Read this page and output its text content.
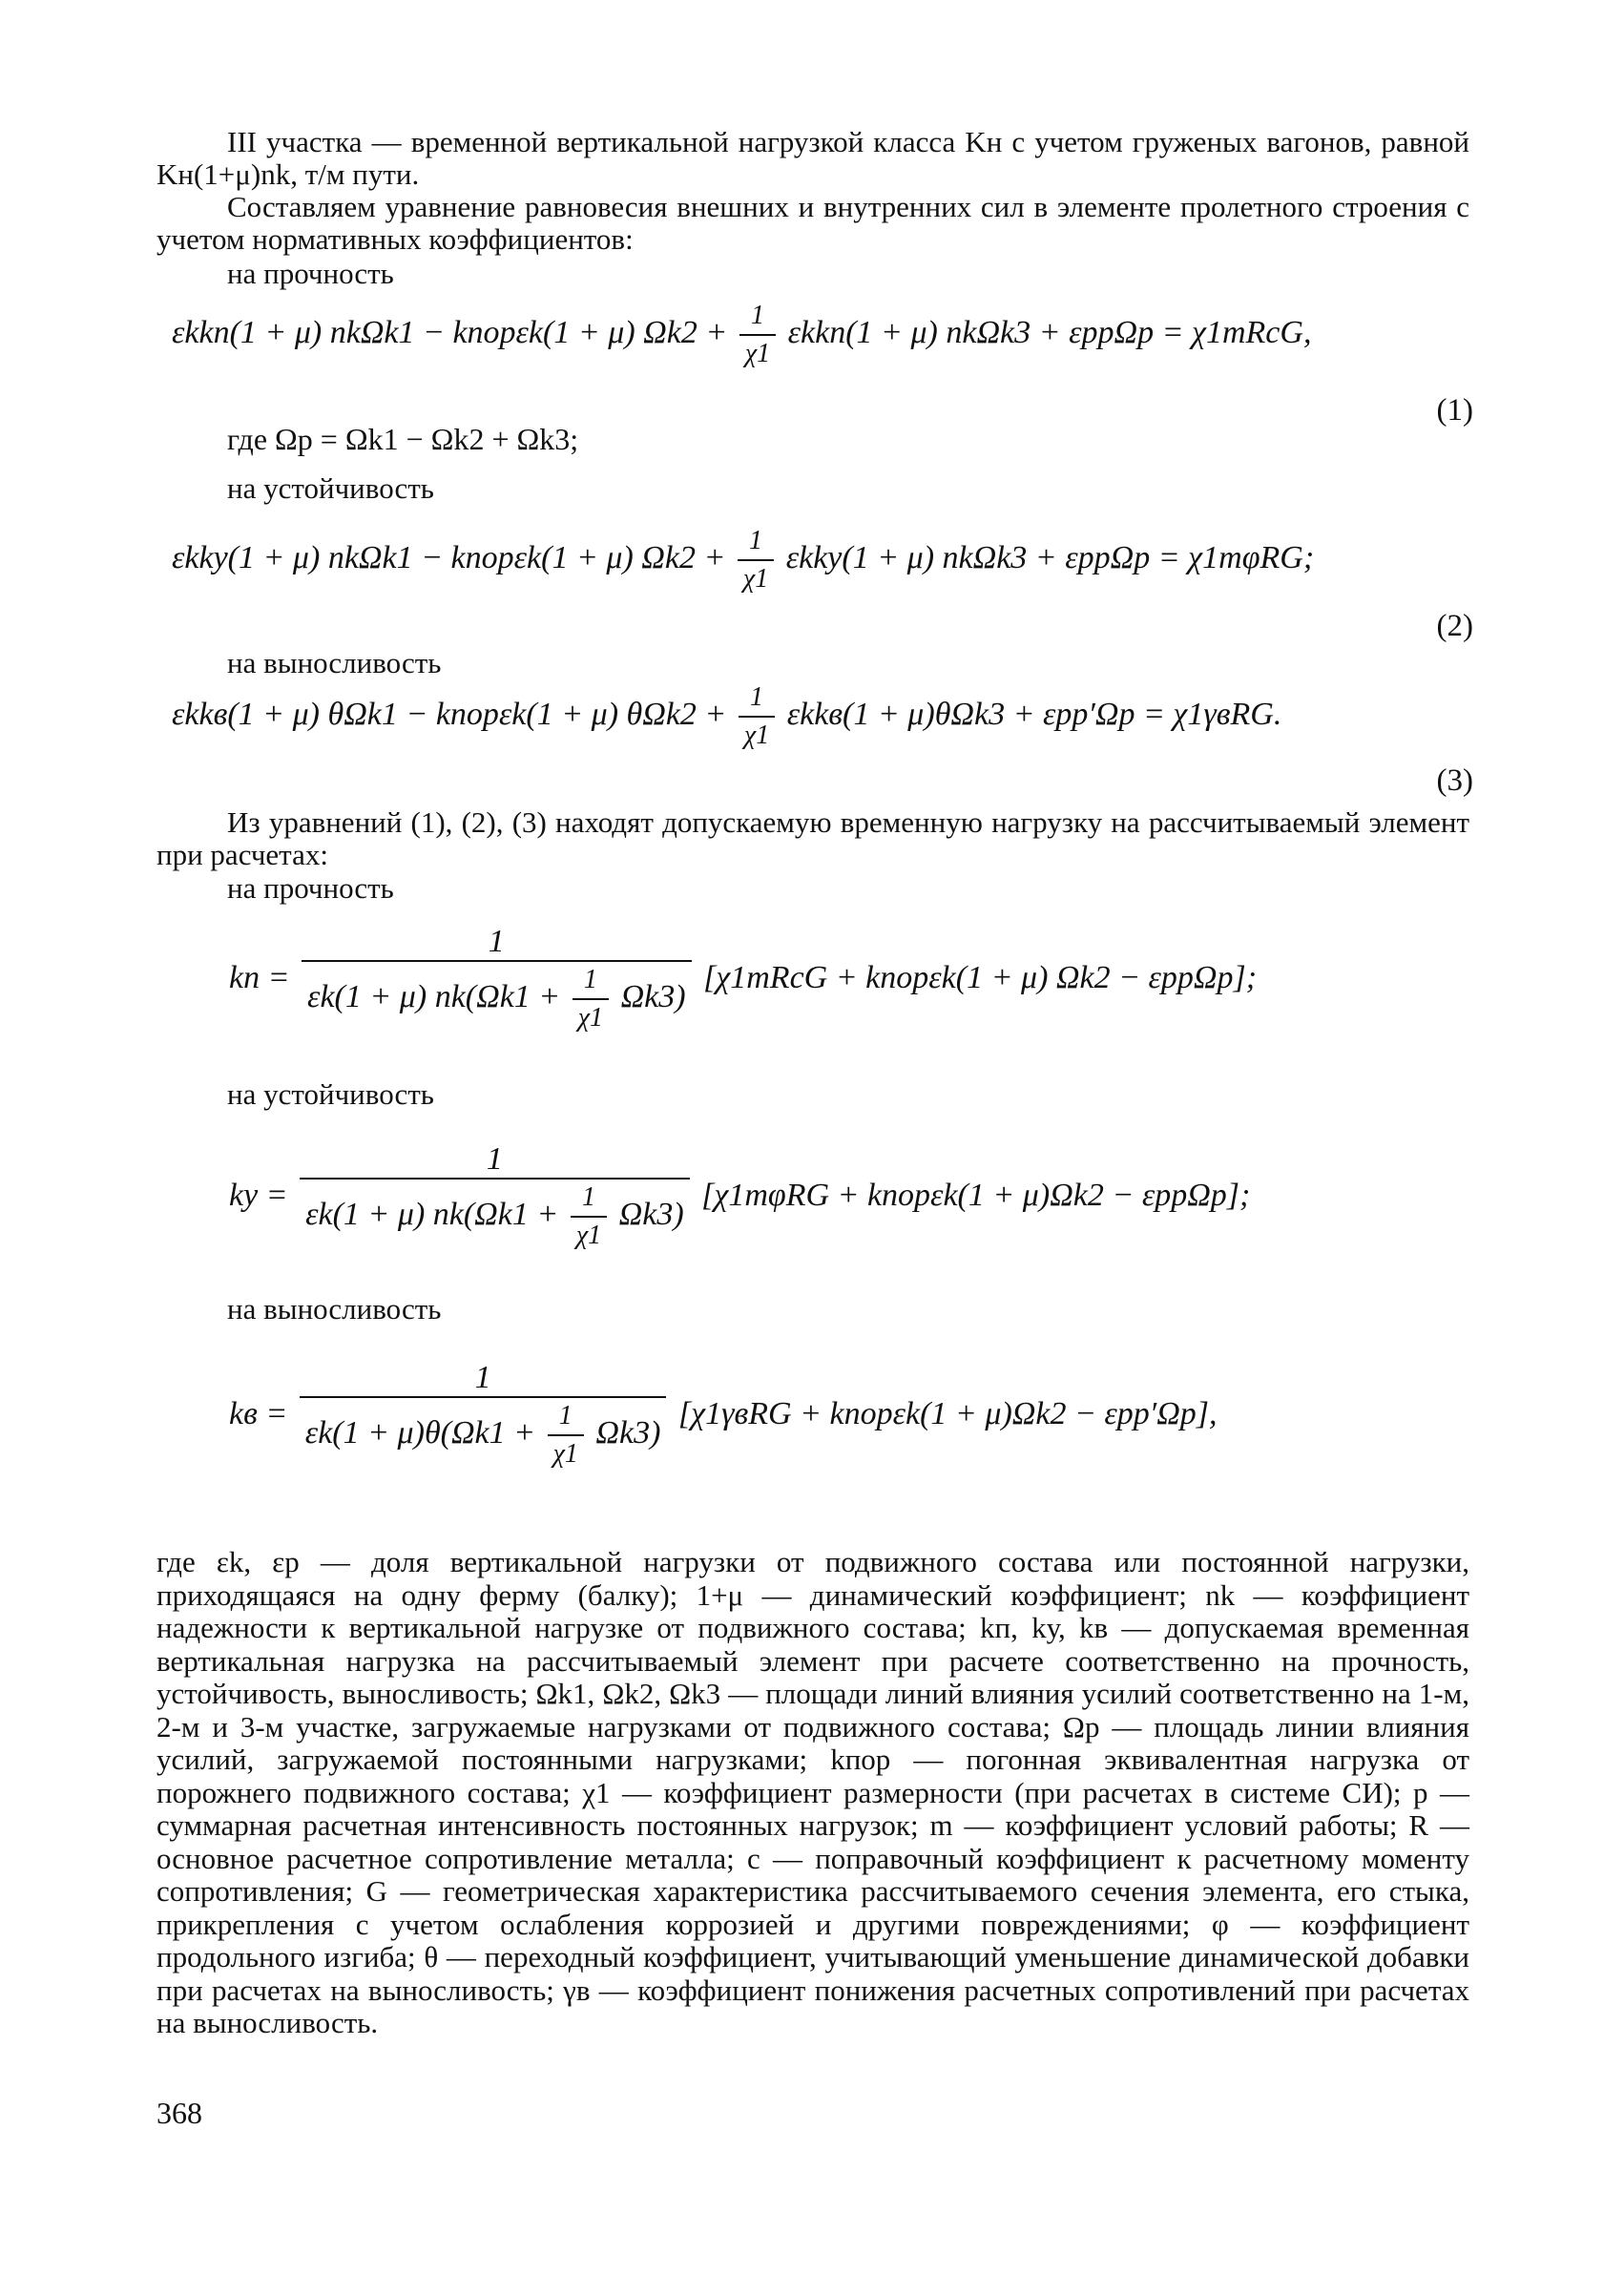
III участка — временной вертикальной нагрузкой класса Kн с учетом груженых вагонов, равной Kн(1+μ)nk, т/м пути.
Составляем уравнение равновесия внешних и внутренних сил в элементе пролетного строения с учетом нормативных коэффициентов:
на прочность
εkkп(1 + μ) nkΩk1 − kпорεk(1 + μ) $\Omega k2 + \frac{1}{\chi 1} \varepsilon kkп(1 + \mu) nk\Omega k3 + \varepsilon pp\Omega p$ = χ1mRcG,
где Ωp = Ωk1 − Ωk2 + Ωk3;
(1)
на устойчивость
εkkу(1 + μ) nkΩk1 − kпорεk(1 + μ) $\Omega k2 + \frac{1}{\chi 1} \varepsilon kkу(1 + \mu) nk\Omega k3 + \varepsilon pp\Omega p = \chi 1m\varphi RG$;
(2)
на выносливость
εkkв(1 + μ) θΩk1 − kпорεk(1 + μ) $\theta\Omega k2 + \frac{1}{\chi 1} \varepsilon kkв(1 + \mu)\theta\Omega k3 + \varepsilon pp'\Omega p = \chi 1\gamma вRG$.
(3)
Из уравнений (1), (2), (3) находят допускаемую временную нагрузку на рассчитываемый элемент при расчетах:
на прочность
kп =
1
εk(1 + μ) $nk(\Omega k1 + \frac{1}{\chi 1} \Omega k3)$
[χ1mRcG + kпорεk(1 + μ) Ωk2 − εppΩp];
на устойчивость
kу =
1
εk(1 + μ) $nk(\Omega k1 + \frac{1}{\chi 1} \Omega k3)$
[χ1mφRG + kпорεk(1 + μ)Ωk2 − εppΩp];
на выносливость
kв =
1
$\varepsilon k(1 + \mu)\theta(\Omega k1 + \frac{1}{\chi 1} \Omega k3)$
[χ1γвRG + kпорεk(1 + μ)Ωk2 − εpp′Ωp],
где εk, εp — доля вертикальной нагрузки от подвижного состава или постоянной нагрузки, приходящаяся на одну ферму (балку); 1+μ — динамический коэффициент; nk — коэффициент надежности к вертикальной нагрузке от подвижного состава; kп, kу, kв — допускаемая временная вертикальная нагрузка на рассчитываемый элемент при расчете соответственно на прочность, устойчивость, выносливость; Ωk1, Ωk2, Ωk3 — площади линий влияния усилий соответственно на 1-м, 2-м и 3-м участке, загружаемые нагрузками от подвижного состава; Ωp — площадь линии влияния усилий, загружаемой постоянными нагрузками; kпор — погонная эквивалентная нагрузка от порожнего подвижного состава; χ1 — коэффициент размерности (при расчетах в системе СИ); p — суммарная расчетная интенсивность постоянных нагрузок; m — коэффициент условий работы; R — основное расчетное сопротивление металла; c — поправочный коэффициент к расчетному моменту сопротивления; G — геометрическая характеристика рассчитываемого сечения элемента, его стыка, прикрепления с учетом ослабления коррозией и другими повреждениями; φ — коэффициент продольного изгиба; θ — переходный коэффициент, учитывающий уменьшение динамической добавки при расчетах на выносливость; γв — коэффициент понижения расчетных сопротивлений при расчетах на выносливость.
368
